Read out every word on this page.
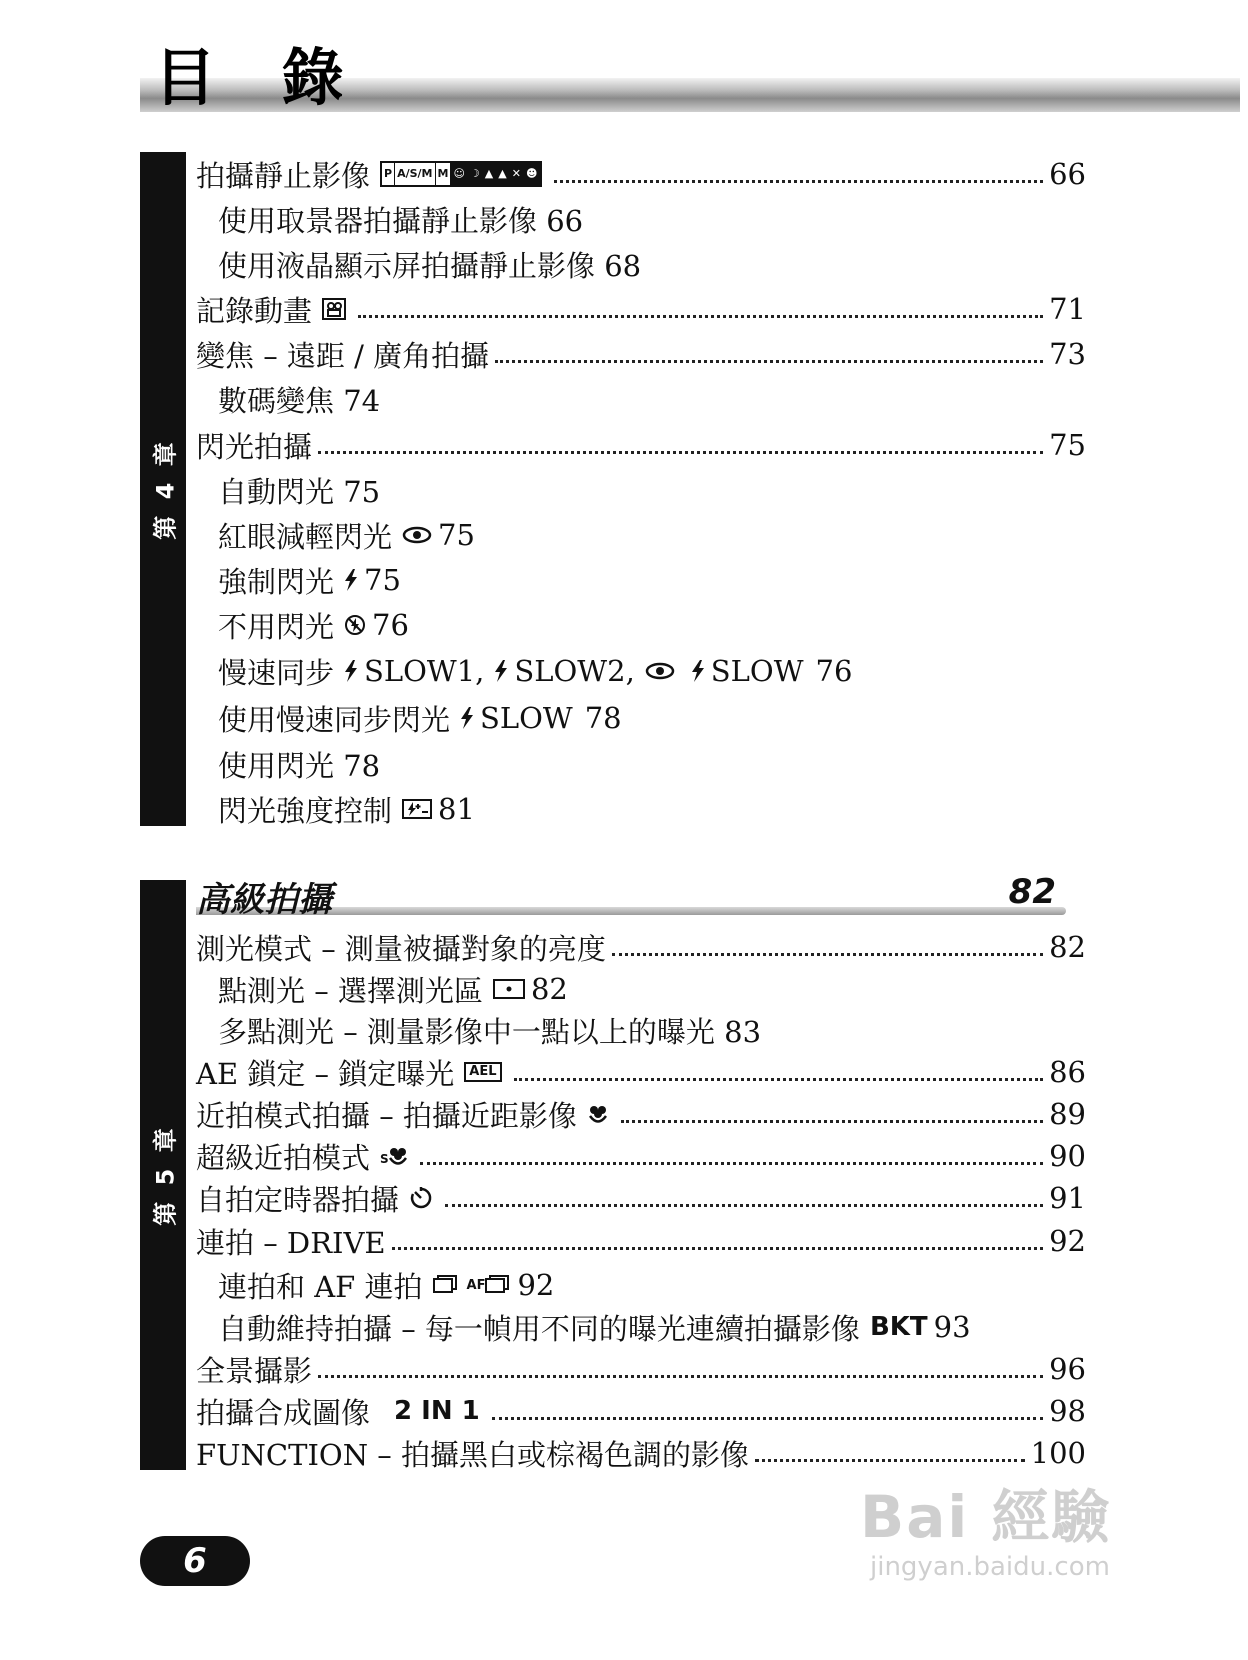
目 錄
第 4 章
拍攝靜止影像 P A/S/M M ☺ ☽ ▲ ▲ ✕ ☻	66
使用取景器拍攝靜止影像 66
使用液晶顯示屏拍攝靜止影像 68
記錄動畫	71
變焦 – 遠距 / 廣角拍攝	73
數碼變焦 74
閃光拍攝	75
自動閃光 75
紅眼減輕閃光 75
強制閃光 75
不用閃光 76
慢速同步 SLOW1, SLOW2,	SLOW 76
使用慢速同步閃光 SLOW 78
使用閃光 78
閃光強度控制 81
第 5 章
高級拍攝	82
測光模式 – 測量被攝對象的亮度	82
點測光 – 選擇測光區 82
多點測光 – 測量影像中一點以上的曝光 83
AE 鎖定 – 鎖定曝光	AEL	86
近拍模式拍攝 – 拍攝近距影像	89
超級近拍模式 S	90
自拍定時器拍攝	91
連拍 – DRIVE	92
連拍和 AF 連拍	AF 92
自動維持拍攝 – 每一幀用不同的曝光連續拍攝影像 BKT 93
全景攝影	96
拍攝合成圖像 2 IN 1	98
FUNCTION – 拍攝黑白或棕褐色調的影像	100
6
Bai 經驗
jingyan.baidu.com
